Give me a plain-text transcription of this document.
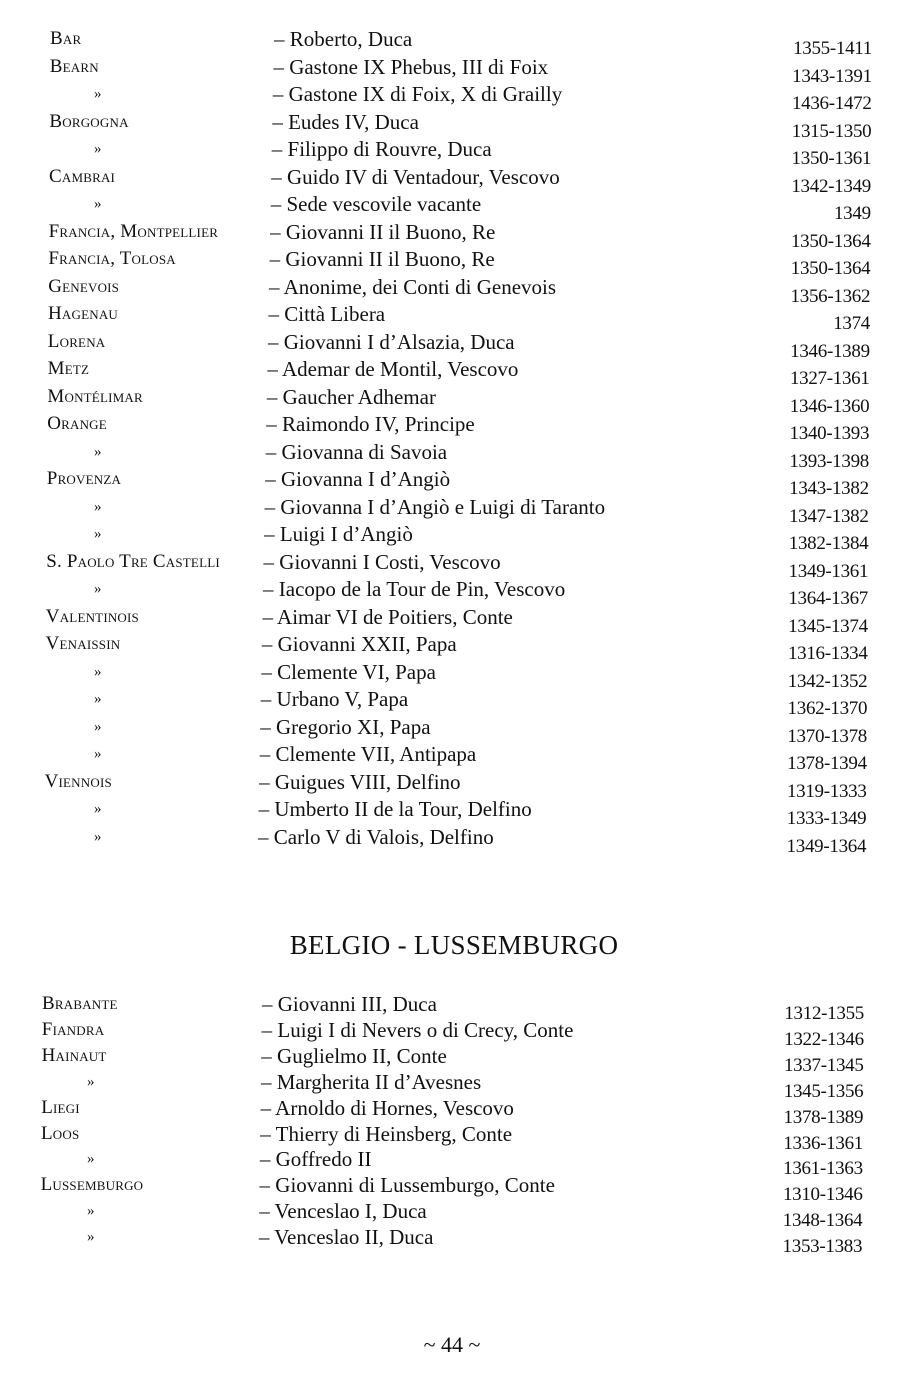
Bar	– Roberto, Duca	1355-1411
Bearn	– Gastone IX Phebus, III di Foix	1343-1391
»	– Gastone IX di Foix, X di Grailly	1436-1472
Borgogna	– Eudes IV, Duca	1315-1350
»	– Filippo di Rouvre, Duca	1350-1361
Cambrai	– Guido IV di Ventadour, Vescovo	1342-1349
»	– Sede vescovile vacante	1349
Francia, Montpellier – Giovanni II il Buono, Re	1350-1364
Francia, Tolosa	– Giovanni II il Buono, Re	1350-1364
Genevois	– Anonime, dei Conti di Genevois	1356-1362
Hagenau	– Città Libera	1374
Lorena	– Giovanni I d’Alsazia, Duca	1346-1389
Metz	– Ademar de Montil, Vescovo	1327-1361
Montélimar	– Gaucher Adhemar	1346-1360
Orange	– Raimondo IV, Principe	1340-1393
»	– Giovanna di Savoia	1393-1398
Provenza	– Giovanna I d’Angiò	1343-1382
»	– Giovanna I d’Angiò e Luigi di Taranto	1347-1382
»	– Luigi I d’Angiò	1382-1384
S. Paolo Tre Castelli – Giovanni I Costi, Vescovo	1349-1361
»	– Iacopo de la Tour de Pin, Vescovo	1364-1367
Valentinois	– Aimar VI de Poitiers, Conte	1345-1374
Venaissin	– Giovanni XXII, Papa	1316-1334
»	– Clemente VI, Papa	1342-1352
»	– Urbano V, Papa	1362-1370
»	– Gregorio XI, Papa	1370-1378
»	– Clemente VII, Antipapa	1378-1394
Viennois	– Guigues VIII, Delfino	1319-1333
»	– Umberto II de la Tour, Delfino	1333-1349
»	– Carlo V di Valois, Delfino	1349-1364
BELGIO - LUSSEMBURGO
Brabante	– Giovanni III, Duca	1312-1355
Fiandra	– Luigi I di Nevers o di Crecy, Conte	1322-1346
Hainaut	– Guglielmo II, Conte	1337-1345
»	– Margherita II d’Avesnes	1345-1356
Liegi	– Arnoldo di Hornes, Vescovo	1378-1389
Loos	– Thierry di Heinsberg, Conte	1336-1361
»	– Goffredo II	1361-1363
Lussemburgo	– Giovanni di Lussemburgo, Conte	1310-1346
»	– Venceslao I, Duca	1348-1364
»	– Venceslao II, Duca	1353-1383
~ 44 ~
